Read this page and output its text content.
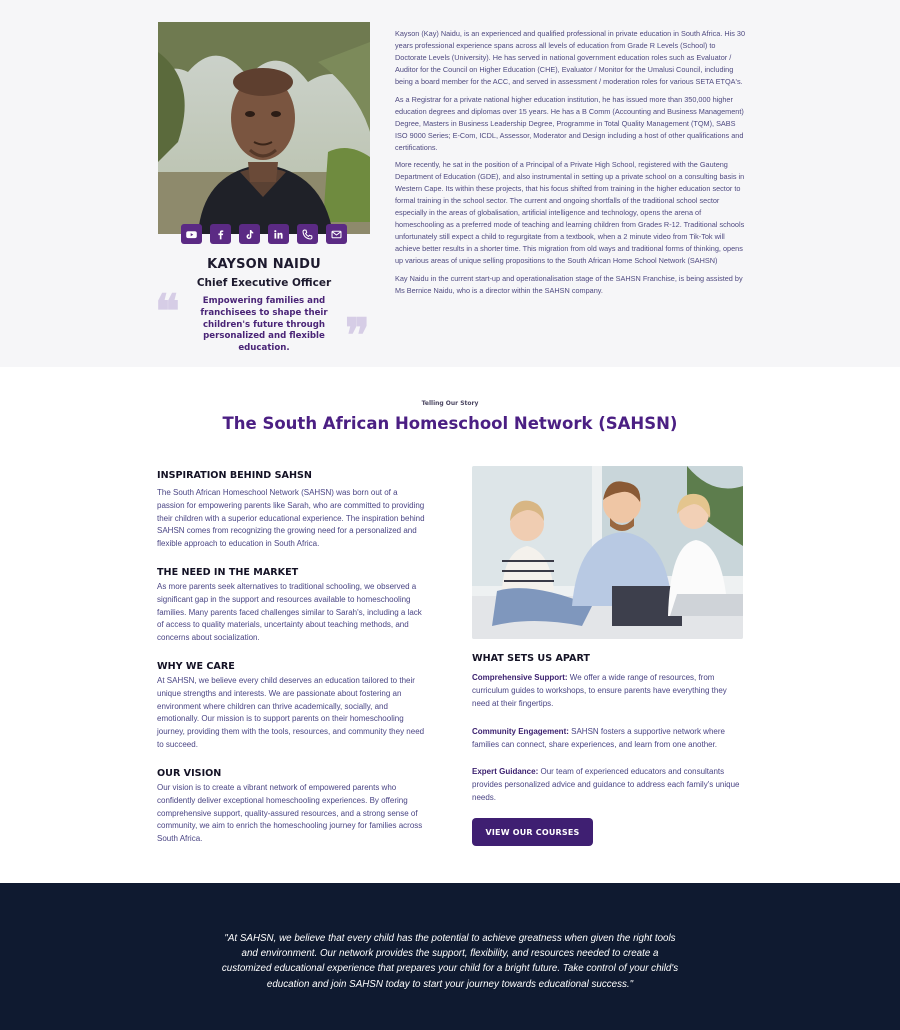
KAYSON NAIDU
Chief Executive Officer
❝	Empowering families and franchisees to shape their children's future through personalized and flexible education.	❞

Kayson (Kay) Naidu, is an experienced and qualified professional in private education in South Africa. His 30 years professional experience spans across all levels of education from Grade R Levels (School) to Doctorate Levels (University). He has served in national government education roles such as Evaluator / Auditor for the Council on Higher Education (CHE), Evaluator / Monitor for the Umalusi Council, including being a board member for the ACC, and served in assessment / moderation roles for various SETA ETQA's.

As a Registrar for a private national higher education institution, he has issued more than 350,000 higher education degrees and diplomas over 15 years. He has a B Comm (Accounting and Business Management) Degree, Masters in Business Leadership Degree, Programme in Total Quality Management (TQM), SABS ISO 9000 Series; E-Com, ICDL, Assessor, Moderator and Design including a host of other qualifications and certifications.

More recently, he sat in the position of a Principal of a Private High School, registered with the Gauteng Department of Education (GDE), and also instrumental in setting up a private school on a consulting basis in Western Cape. Its within these projects, that his focus shifted from training in the higher education sector to formal training in the school sector. The current and ongoing shortfalls of the traditional school sector especially in the areas of globalisation, artificial intelligence and technology, opens the arena of homeschooling as a preferred mode of teaching and learning children from Grades R-12. Traditional schools unfortunately still expect a child to regurgitate from a textbook, when a 2 minute video from Tik-Tok will achieve better results in a shorter time. This migration from old ways and traditional forms of thinking, opens up various areas of unique selling propositions to the South African Home School Network (SAHSN)

Kay Naidu in the current start-up and operationalisation stage of the SAHSN Franchise, is being assisted by Ms Bernice Naidu, who is a director within the SAHSN company.

Telling Our Story
The South African Homeschool Network (SAHSN)
INSPIRATION BEHIND SAHSN

The South African Homeschool Network (SAHSN) was born out of a passion for empowering parents like Sarah, who are committed to providing their children with a superior educational experience. The inspiration behind SAHSN comes from recognizing the growing need for a personalized and flexible approach to education in South Africa.

THE NEED IN THE MARKET

As more parents seek alternatives to traditional schooling, we observed a significant gap in the support and resources available to homeschooling families. Many parents faced challenges similar to Sarah's, including a lack of access to quality materials, uncertainty about teaching methods, and concerns about socialization.

WHY WE CARE

At SAHSN, we believe every child deserves an education tailored to their unique strengths and interests. We are passionate about fostering an environment where children can thrive academically, socially, and emotionally. Our mission is to support parents on their homeschooling journey, providing them with the tools, resources, and community they need to succeed.

OUR VISION

Our vision is to create a vibrant network of empowered parents who confidently deliver exceptional homeschooling experiences. By offering comprehensive support, quality-assured resources, and a strong sense of community, we aim to enrich the homeschooling journey for families across South Africa.

WHAT SETS US APART

Comprehensive Support: We offer a wide range of resources, from curriculum guides to workshops, to ensure parents have everything they need at their fingertips.

Community Engagement: SAHSN fosters a supportive network where families can connect, share experiences, and learn from one another.

Expert Guidance: Our team of experienced educators and consultants provides personalized advice and guidance to address each family's unique needs.

VIEW OUR COURSES

"At SAHSN, we believe that every child has the potential to achieve greatness when given the right tools and environment. Our network provides the support, flexibility, and resources needed to create a customized educational experience that prepares your child for a bright future. Take control of your child's education and join SAHSN today to start your journey towards educational success."
